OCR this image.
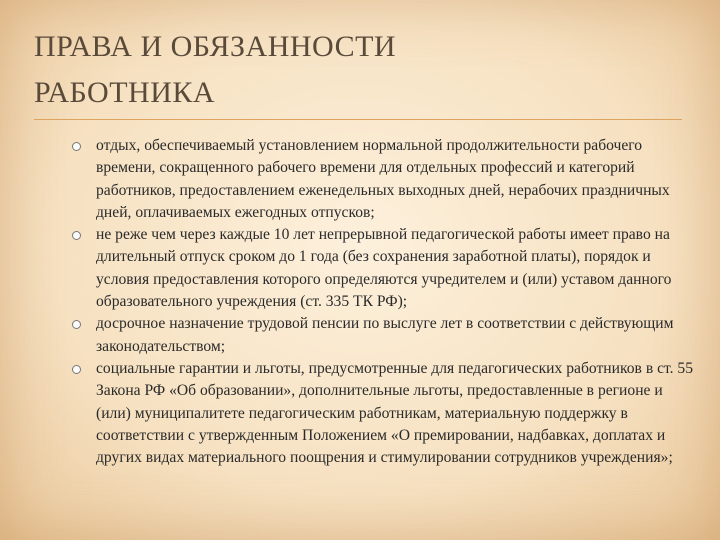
ПРАВА И ОБЯЗАННОСТИ
РАБОТНИКА
отдых, обеспечиваемый установлением нормальной продолжительности рабочего времени, сокращенного рабочего времени для отдельных профессий и категорий работников, предоставлением еженедельных выходных дней, нерабочих праздничных дней, оплачиваемых ежегодных отпусков;
не реже чем через каждые 10 лет непрерывной педагогической работы имеет право на длительный отпуск сроком до 1 года (без сохранения заработной платы), порядок и условия предоставления которого определяются учредителем и (или) уставом данного образовательного учреждения (ст. 335 ТК РФ);
досрочное назначение трудовой пенсии по выслуге лет в соответствии с действующим законодательством;
социальные гарантии и льготы, предусмотренные для педагогических работников в ст. 55 Закона РФ «Об образовании», дополнительные льготы, предоставленные в регионе и (или) муниципалитете педагогическим работникам, материальную поддержку в соответствии с утвержденным Положением «О премировании, надбавках, доплатах и других видах материального поощрения и стимулировании сотрудников учреждения»;
